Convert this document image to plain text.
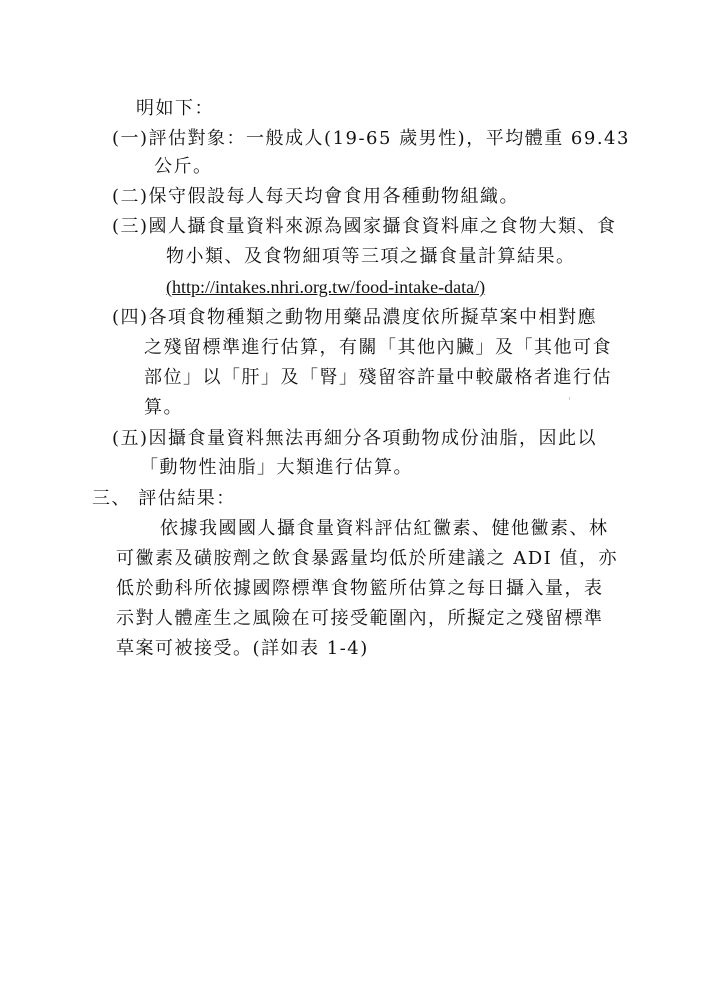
明如下：
(一)評估對象：一般成人(19-65 歲男性)，平均體重 69.43
公斤。
(二)保守假設每人每天均會食用各種動物組織。
(三)國人攝食量資料來源為國家攝食資料庫之食物大類、食
物小類、及食物細項等三項之攝食量計算結果。
(http://intakes.nhri.org.tw/food-intake-data/)
(四)各項食物種類之動物用藥品濃度依所擬草案中相對應
之殘留標準進行估算，有關「其他內臟」及「其他可食
部位」以「肝」及「腎」殘留容許量中較嚴格者進行估
算。
(五)因攝食量資料無法再細分各項動物成份油脂，因此以
「動物性油脂」大類進行估算。
三、 評估結果：
依據我國國人攝食量資料評估紅黴素、健他黴素、林
可黴素及磺胺劑之飲食暴露量均低於所建議之 ADI 值，亦
低於動科所依據國際標準食物籃所估算之每日攝入量，表
示對人體產生之風險在可接受範圍內，所擬定之殘留標準
草案可被接受。(詳如表 1-4)
